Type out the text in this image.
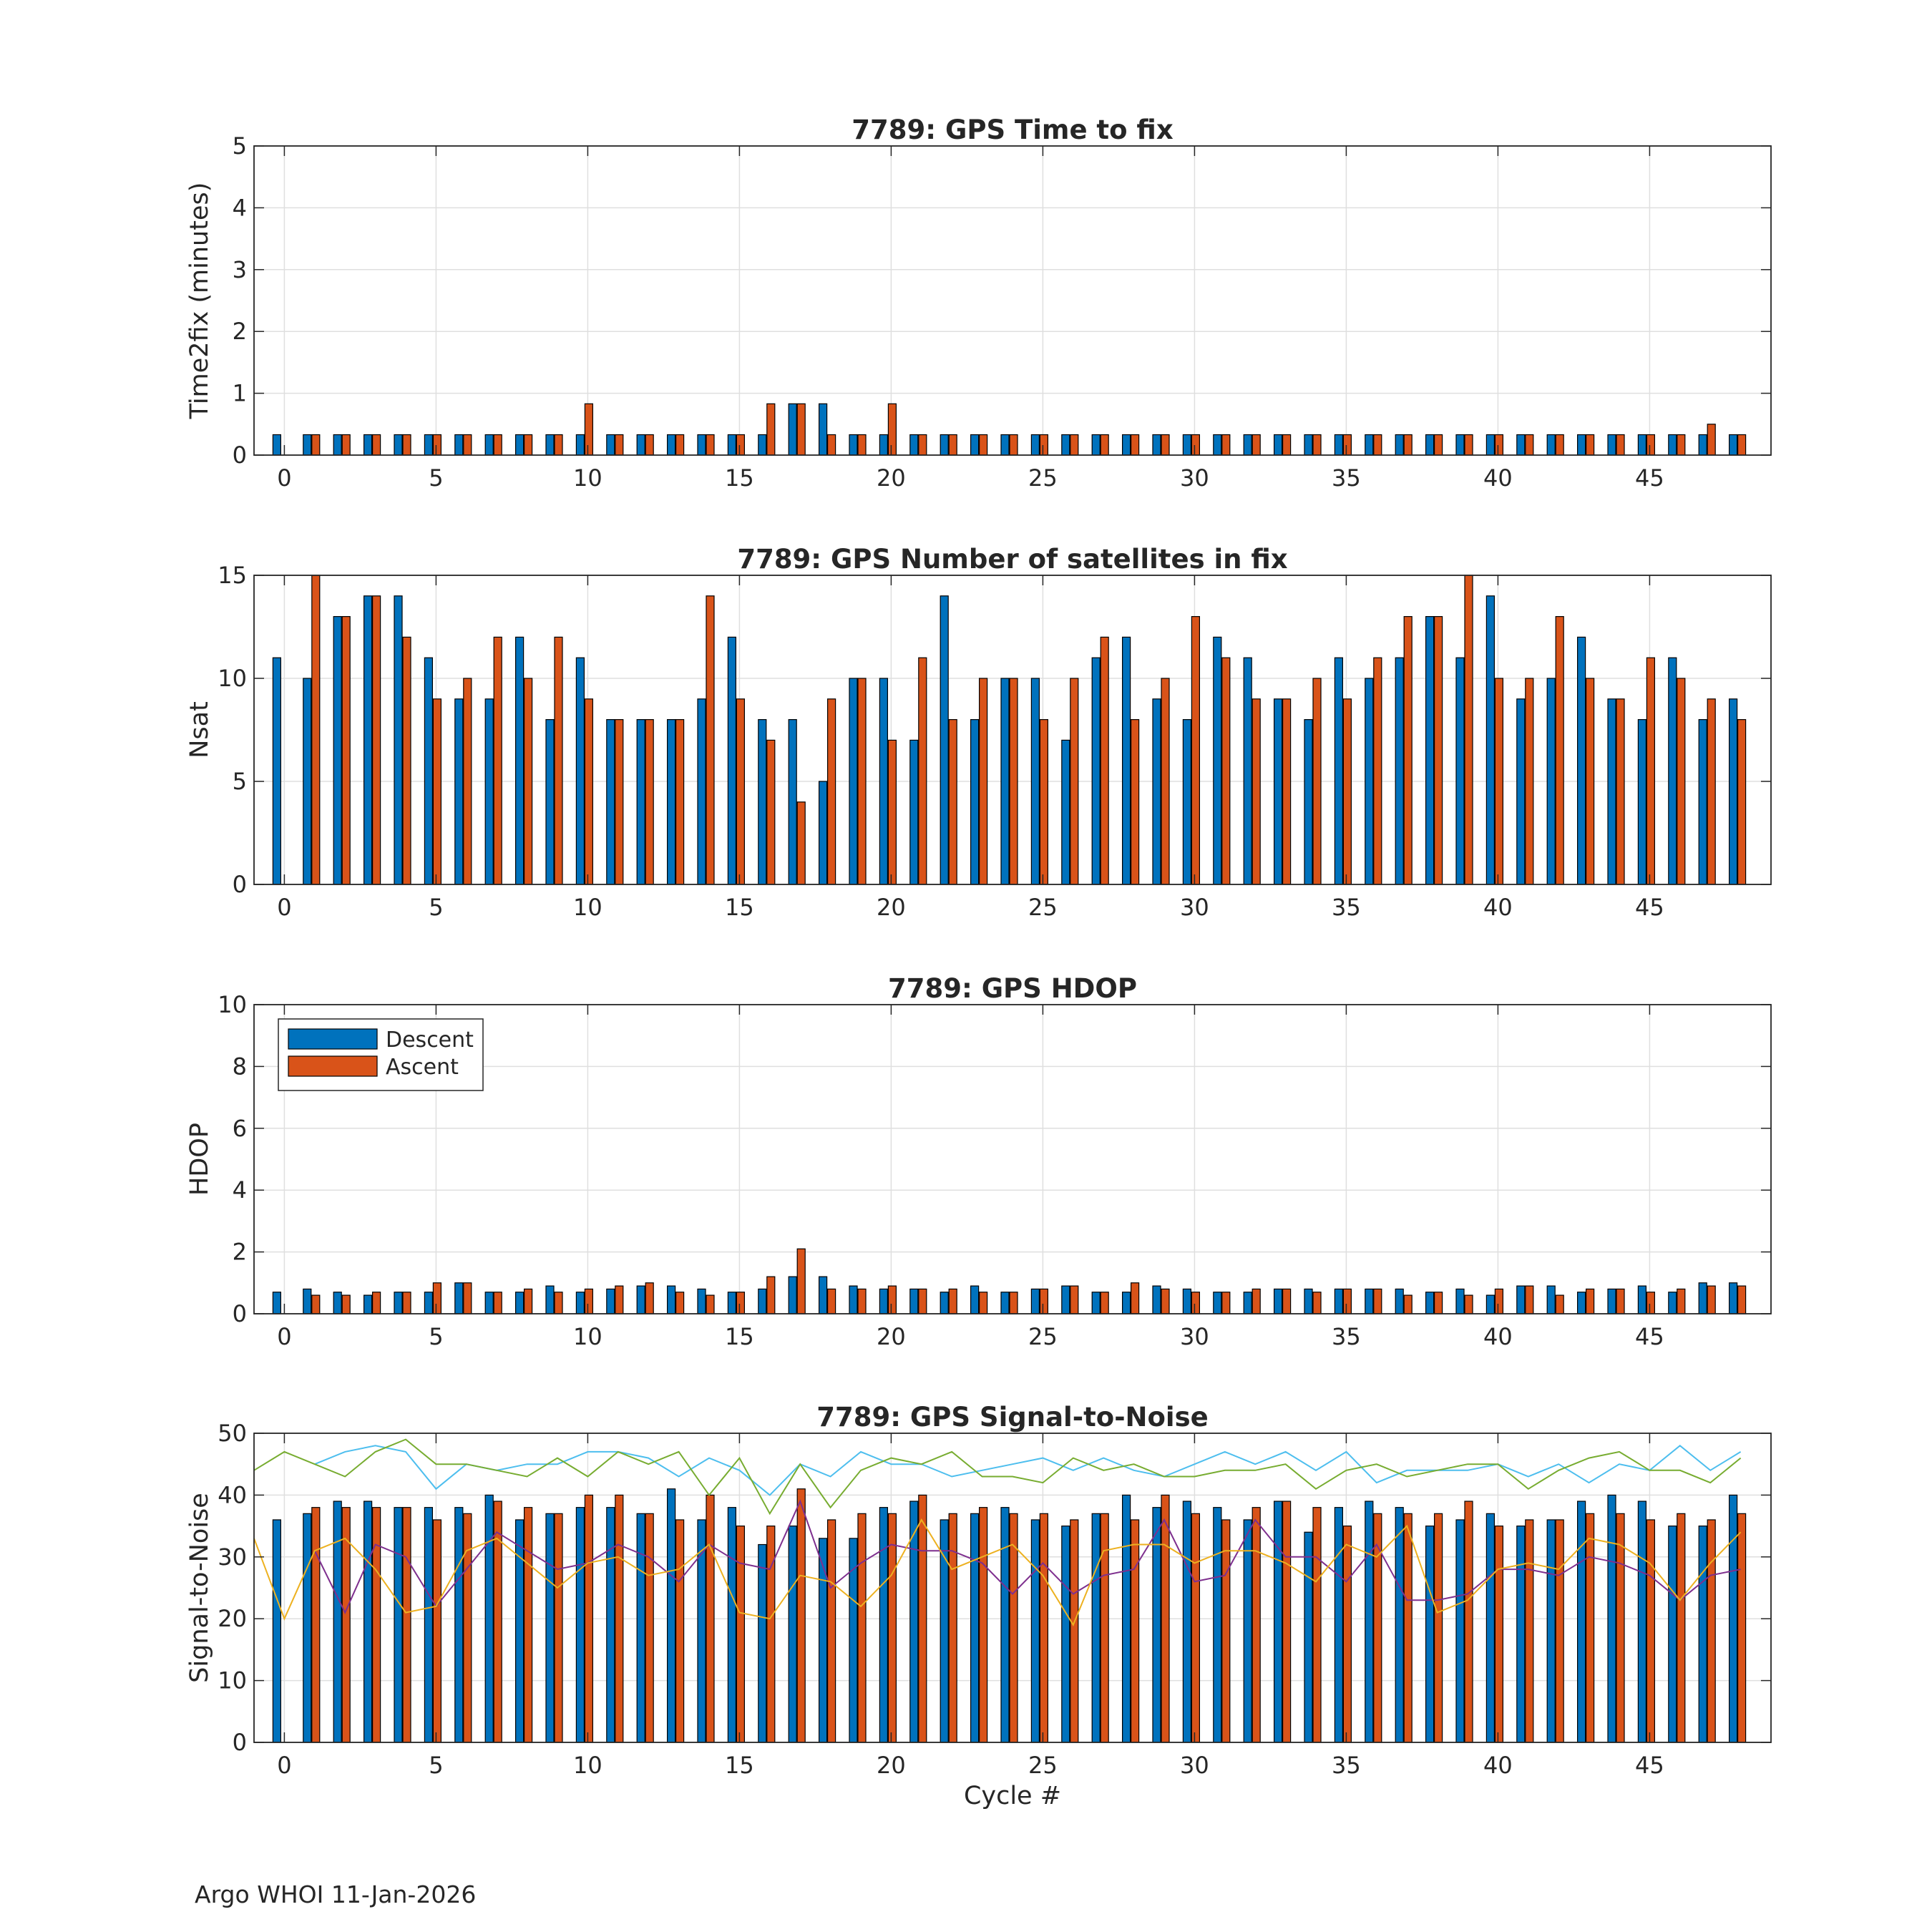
0	5	10	15	20	25	30	35	40	45
0
1
2
3
4
5
7789: GPS Time to fix
Time2fix (minutes)
0	5	10	15	20	25	30	35	40	45
0
5
10
15
7789: GPS Number of satellites in fix
Nsat
0	5	10	15	20	25	30	35	40	45
0
2
4
6
8
10
7789: GPS HDOP
HDOP
Descent
Ascent
0	5	10	15	20	25	30	35	40	45
0
10
20
30
40
50
7789: GPS Signal-to-Noise
Signal-to-Noise
Cycle #
Argo WHOI 11-Jan-2026
